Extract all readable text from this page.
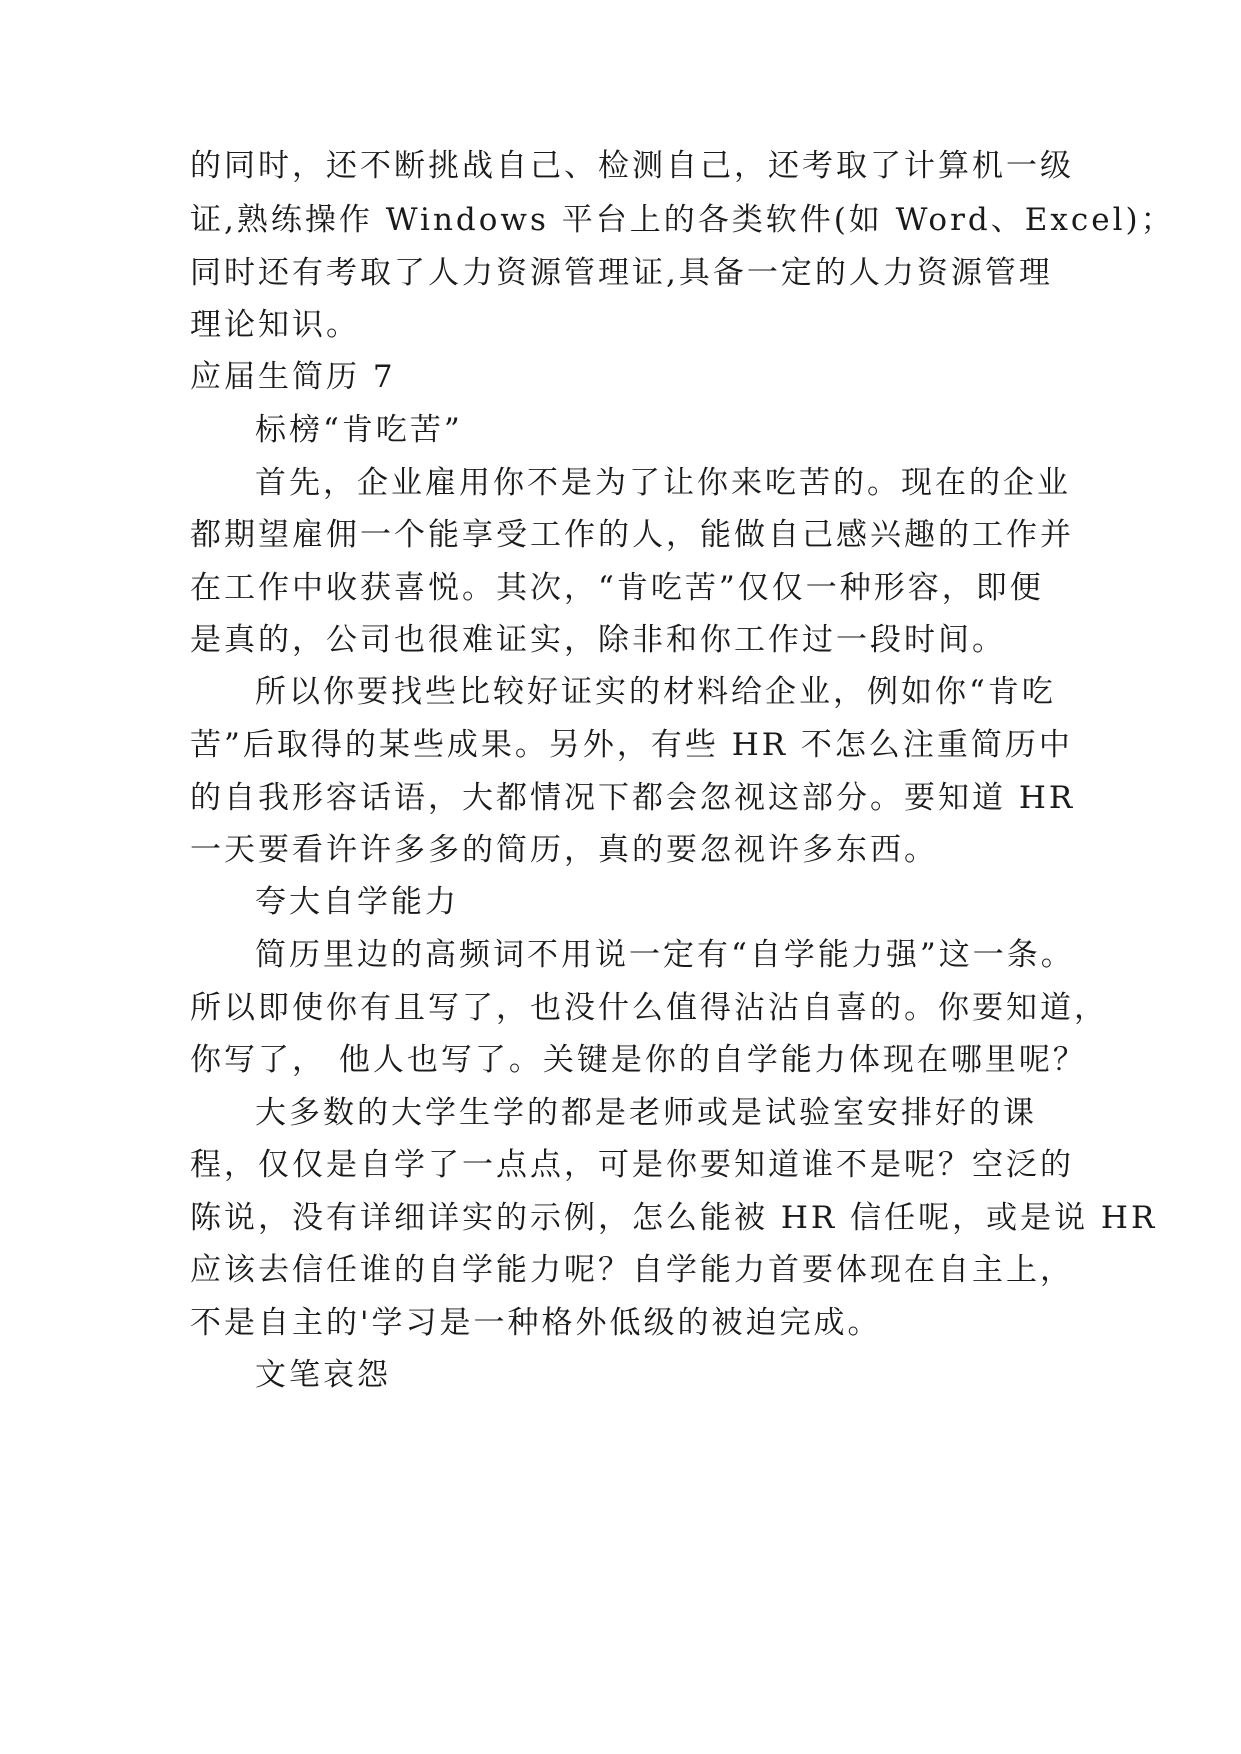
的同时，还不断挑战自己、检测自己，还考取了计算机一级
证,熟练操作 Windows 平台上的各类软件(如 Word、Excel)；
同时还有考取了人力资源管理证,具备一定的人力资源管理
理论知识。
应届生简历 7
标榜“肯吃苦”
首先，企业雇用你不是为了让你来吃苦的。现在的企业
都期望雇佣一个能享受工作的人，能做自己感兴趣的工作并
在工作中收获喜悦。其次，“肯吃苦”仅仅一种形容，即便
是真的，公司也很难证实，除非和你工作过一段时间。
所以你要找些比较好证实的材料给企业，例如你“肯吃
苦”后取得的某些成果。另外，有些 HR 不怎么注重简历中
的自我形容话语，大都情况下都会忽视这部分。要知道 HR
一天要看许许多多的简历，真的要忽视许多东西。
夸大自学能力
简历里边的高频词不用说一定有“自学能力强”这一条。
所以即使你有且写了，也没什么值得沾沾自喜的。你要知道，
你写了， 他人也写了。关键是你的自学能力体现在哪里呢？
大多数的大学生学的都是老师或是试验室安排好的课
程，仅仅是自学了一点点，可是你要知道谁不是呢？空泛的
陈说，没有详细详实的示例，怎么能被 HR 信任呢，或是说 HR
应该去信任谁的自学能力呢？自学能力首要体现在自主上，
不是自主的'学习是一种格外低级的被迫完成。
文笔哀怨
